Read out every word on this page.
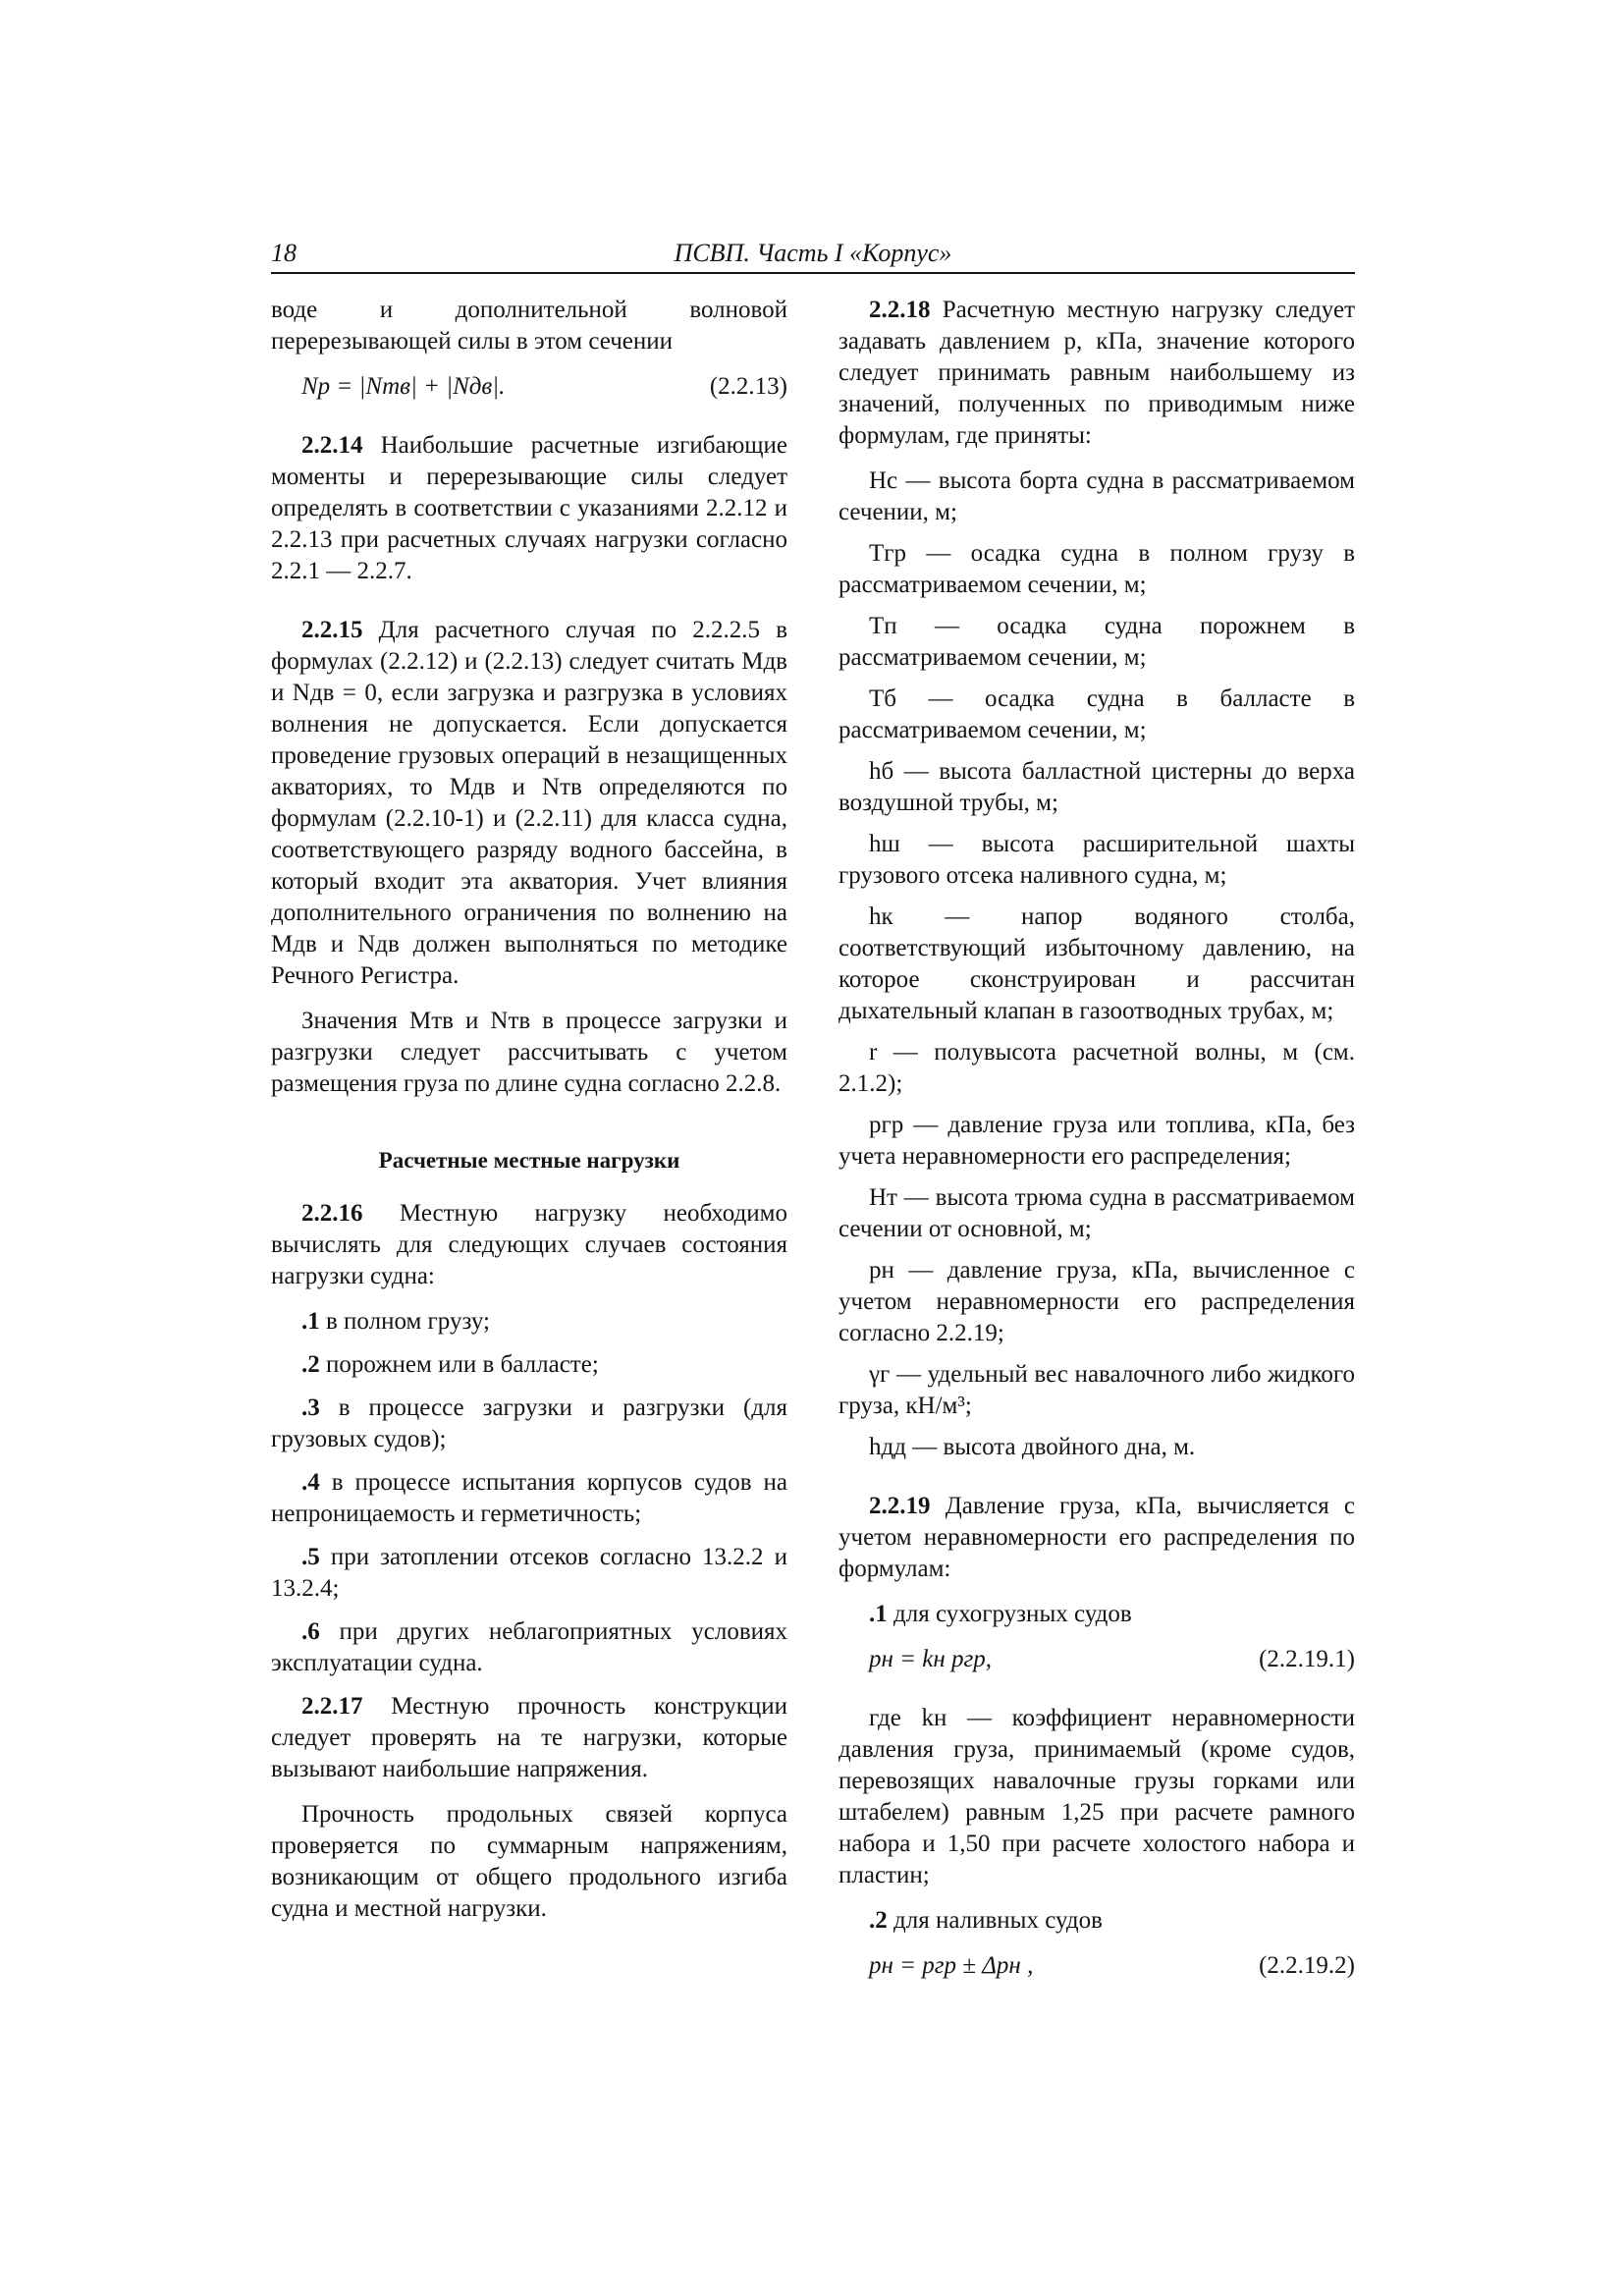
18	ПСВП. Часть I «Корпус»

воде и дополнительной волновой перерезывающей силы в этом сечении

Nр = |Nтв| + |Nдв|.	(2.2.13)

2.2.14 Наибольшие расчетные изгибающие моменты и перерезывающие силы следует определять в соответствии с указаниями 2.2.12 и 2.2.13 при расчетных случаях нагрузки согласно 2.2.1 — 2.2.7.

2.2.15 Для расчетного случая по 2.2.2.5 в формулах (2.2.12) и (2.2.13) следует считать Mдв и Nдв = 0, если загрузка и разгрузка в условиях волнения не допускается. Если допускается проведение грузовых операций в незащищенных акваториях, то Mдв и Nтв определяются по формулам (2.2.10-1) и (2.2.11) для класса судна, соответствующего разряду водного бассейна, в который входит эта акватория. Учет влияния дополнительного ограничения по волнению на Mдв и Nдв должен выполняться по методике Речного Регистра.

Значения Mтв и Nтв в процессе загрузки и разгрузки следует рассчитывать с учетом размещения груза по длине судна согласно 2.2.8.

Расчетные местные нагрузки

2.2.16 Местную нагрузку необходимо вычислять для следующих случаев состояния нагрузки судна:

.1 в полном грузу;

.2 порожнем или в балласте;

.3 в процессе загрузки и разгрузки (для грузовых судов);

.4 в процессе испытания корпусов судов на непроницаемость и герметичность;

.5 при затоплении отсеков согласно 13.2.2 и 13.2.4;

.6 при других неблагоприятных условиях эксплуатации судна.

2.2.17 Местную прочность конструкции следует проверять на те нагрузки, которые вызывают наибольшие напряжения.

Прочность продольных связей корпуса проверяется по суммарным напряжениям, возникающим от общего продольного изгиба судна и местной нагрузки.

2.2.18 Расчетную местную нагрузку следует задавать давлением p, кПа, значение которого следует принимать равным наибольшему из значений, полученных по приводимым ниже формулам, где приняты:

Hс — высота борта судна в рассматриваемом сечении, м;

Tгр — осадка судна в полном грузу в рассматриваемом сечении, м;

Tп — осадка судна порожнем в рассматриваемом сечении, м;

Tб — осадка судна в балласте в рассматриваемом сечении, м;

hб — высота балластной цистерны до верха воздушной трубы, м;

hш — высота расширительной шахты грузового отсека наливного судна, м;

hк — напор водяного столба, соответствующий избыточному давлению, на которое сконструирован и рассчитан дыхательный клапан в газоотводных трубах, м;

r — полувысота расчетной волны, м (см. 2.1.2);

pгр — давление груза или топлива, кПа, без учета неравномерности его распределения;

Hт — высота трюма судна в рассматриваемом сечении от основной, м;

pн — давление груза, кПа, вычисленное с учетом неравномерности его распределения согласно 2.2.19;

γг — удельный вес навалочного либо жидкого груза, кН/м³;

hдд — высота двойного дна, м.

2.2.19 Давление груза, кПа, вычисляется с учетом неравномерности его распределения по формулам:

.1 для сухогрузных судов

pн = kн pгр,	(2.2.19.1)

где kн — коэффициент неравномерности давления груза, принимаемый (кроме судов, перевозящих навалочные грузы горками или штабелем) равным 1,25 при расчете рамного набора и 1,50 при расчете холостого набора и пластин;

.2 для наливных судов

pн = pгр ± Δpн ,	(2.2.19.2)
